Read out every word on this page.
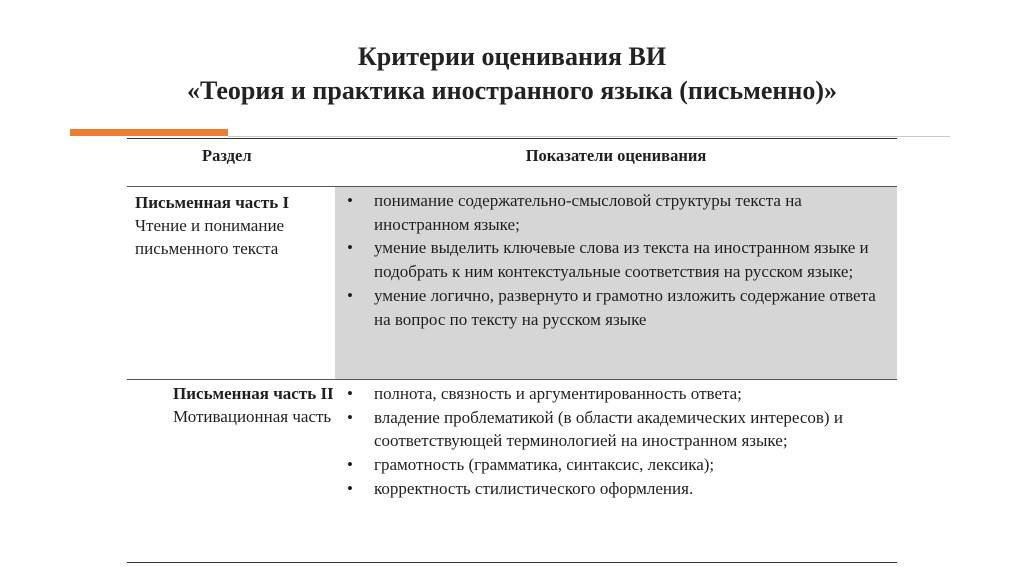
Критерии оценивания ВИ
«Теория и практика иностранного языка (письменно)»
Раздел	Показатели оценивания
Письменная часть I
Чтение и понимание письменного текста
• понимание содержательно-смысловой структуры текста на иностранном языке;
• умение выделить ключевые слова из текста на иностранном языке и подобрать к ним контекстуальные соответствия на русском языке;
• умение логично, развернуто и грамотно изложить содержание ответа на вопрос по тексту на русском языке
Письменная часть II
Мотивационная часть
• полнота, связность и аргументированность ответа;
• владение проблематикой (в области академических интересов) и соответствующей терминологией на иностранном языке;
• грамотность (грамматика, синтаксис, лексика);
• корректность стилистического оформления.
